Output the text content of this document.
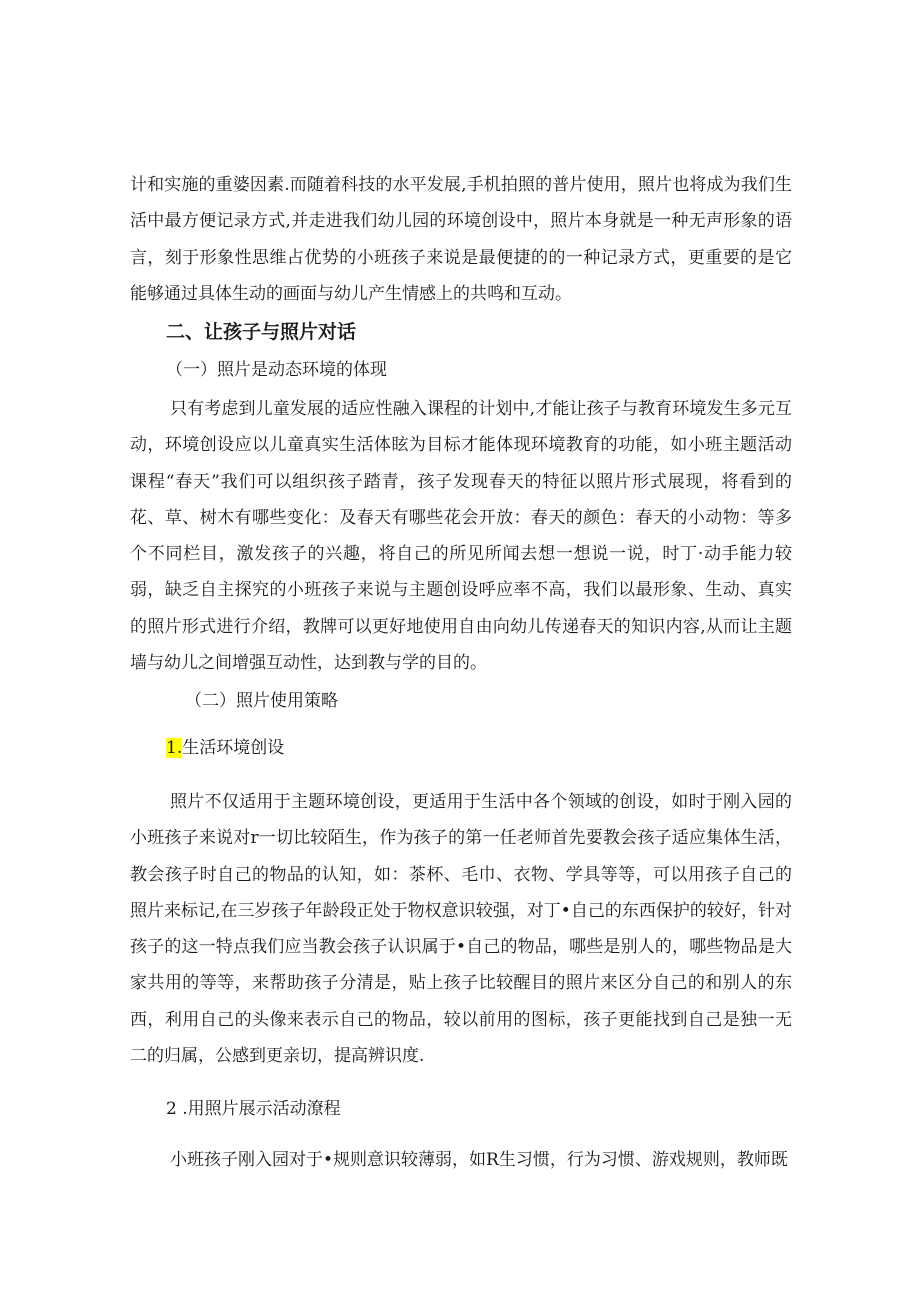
计和实施的重婆因素.而随着科技的水平发展,手机拍照的普片使用，照片也将成为我们生活中最方便记录方式,并走进我们幼儿园的环境创设中，照片本身就是一种无声形象的语言，刻于形象性思维占优势的小班孩子来说是最便捷的的一种记录方式，更重要的是它能够通过具体生动的画面与幼儿产生情感上的共鸣和互动。

二、让孩子与照片对话

（一）照片是动态环境的体现

只有考虑到儿童发展的适应性融入课程的计划中,才能让孩子与教育环境发生多元互动，环境创设应以儿童真实生活体眩为目标才能体现环境教育的功能，如小班主题活动课程“春天”我们可以组织孩子踏青，孩子发现春天的特征以照片形式展现，将看到的花、草、树木有哪些变化：及春天有哪些花会开放：春天的颜色：春天的小动物：等多个不同栏目，激发孩子的兴趣，将自己的所见所闻去想一想说一说，时丁·动手能力较弱，缺乏自主探究的小班孩子来说与主题创设呼应率不高，我们以最形象、生动、真实的照片形式进行介绍，教牌可以更好地使用自由向幼儿传递春天的知识内容,从而让主题墙与幼儿之间增强互动性，达到教与学的目的。

（二）照片使用策略

1.生活环境创设

照片不仅适用于主题环境创设，更适用于生活中各个领域的创设，如时于刚入园的小班孩子来说对r一切比较陌生，作为孩子的第一任老师首先要教会孩子适应集体生活，教会孩子时自己的物品的认知，如：茶杯、毛巾、衣物、学具等等，可以用孩子自己的照片来标记,在三岁孩子年龄段正处于物权意识较强，对丁•自己的东西保护的较好，针对孩子的这一特点我们应当教会孩子认识属于•自己的物品，哪些是别人的，哪些物品是大家共用的等等，来帮助孩子分清是，贴上孩子比较醒目的照片来区分自己的和别人的东西，利用自己的头像来表示自己的物品，较以前用的图标，孩子更能找到自己是独一无二的归属，公感到更亲切，提高辨识度.

2 .用照片展示活动潦程

小班孩子刚入园对于•规则意识较薄弱，如R生习惯，行为习惯、游戏规则，教师既
